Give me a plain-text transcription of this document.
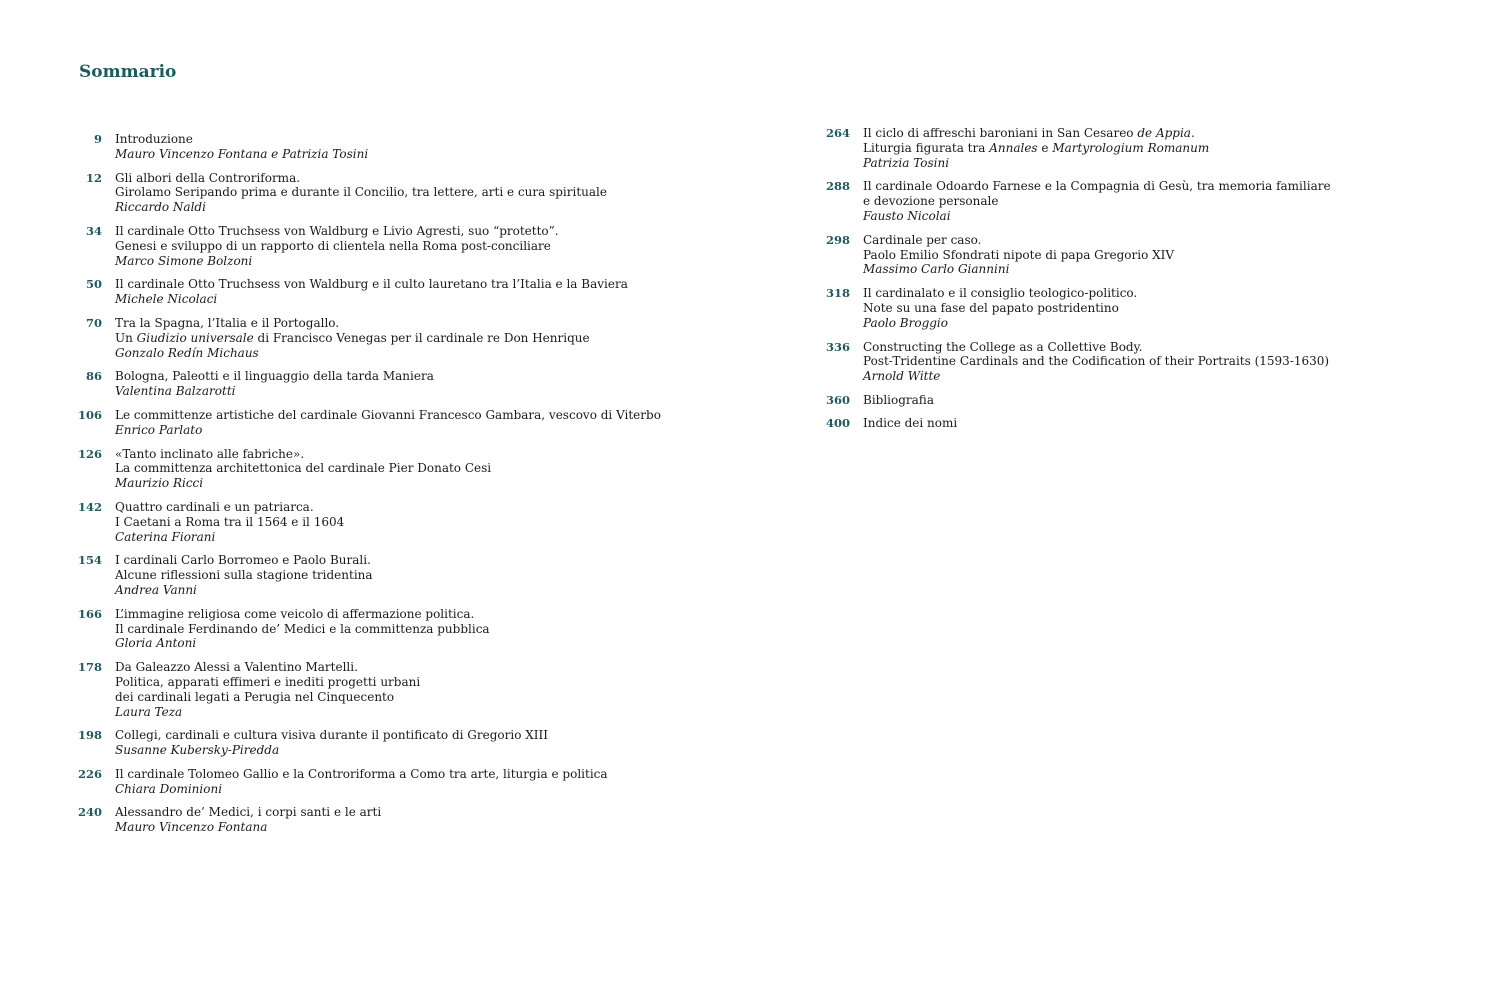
Sommario
9	Introduzione
Mauro Vincenzo Fontana e Patrizia Tosini
12	Gli albori della Controriforma.
Girolamo Seripando prima e durante il Concilio, tra lettere, arti e cura spirituale
Riccardo Naldi
34	Il cardinale Otto Truchsess von Waldburg e Livio Agresti, suo “protetto”.
Genesi e sviluppo di un rapporto di clientela nella Roma post-conciliare
Marco Simone Bolzoni
50	Il cardinale Otto Truchsess von Waldburg e il culto lauretano tra l’Italia e la Baviera
Michele Nicolaci
70	Tra la Spagna, l’Italia e il Portogallo.
Un Giudizio universale di Francisco Venegas per il cardinale re Don Henrique
Gonzalo Redín Michaus
86	Bologna, Paleotti e il linguaggio della tarda Maniera
Valentina Balzarotti
106	Le committenze artistiche del cardinale Giovanni Francesco Gambara, vescovo di Viterbo
Enrico Parlato
126	«Tanto inclinato alle fabriche».
La committenza architettonica del cardinale Pier Donato Cesi
Maurizio Ricci
142	Quattro cardinali e un patriarca.
I Caetani a Roma tra il 1564 e il 1604
Caterina Fiorani
154	I cardinali Carlo Borromeo e Paolo Burali.
Alcune riflessioni sulla stagione tridentina
Andrea Vanni
166	L’immagine religiosa come veicolo di affermazione politica.
Il cardinale Ferdinando de’ Medici e la committenza pubblica
Gloria Antoni
178	Da Galeazzo Alessi a Valentino Martelli.
Politica, apparati effimeri e inediti progetti urbani
dei cardinali legati a Perugia nel Cinquecento
Laura Teza
198	Collegi, cardinali e cultura visiva durante il pontificato di Gregorio XIII
Susanne Kubersky-Piredda
226	Il cardinale Tolomeo Gallio e la Controriforma a Como tra arte, liturgia e politica
Chiara Dominioni
240	Alessandro de’ Medici, i corpi santi e le arti
Mauro Vincenzo Fontana
264	Il ciclo di affreschi baroniani in San Cesareo de Appia.
Liturgia figurata tra Annales e Martyrologium Romanum
Patrizia Tosini
288	Il cardinale Odoardo Farnese e la Compagnia di Gesù, tra memoria familiare
e devozione personale
Fausto Nicolai
298	Cardinale per caso.
Paolo Emilio Sfondrati nipote di papa Gregorio XIV
Massimo Carlo Giannini
318	Il cardinalato e il consiglio teologico-politico.
Note su una fase del papato postridentino
Paolo Broggio
336	Constructing the College as a Collettive Body.
Post-Tridentine Cardinals and the Codification of their Portraits (1593-1630)
Arnold Witte
360	Bibliografia
400	Indice dei nomi
